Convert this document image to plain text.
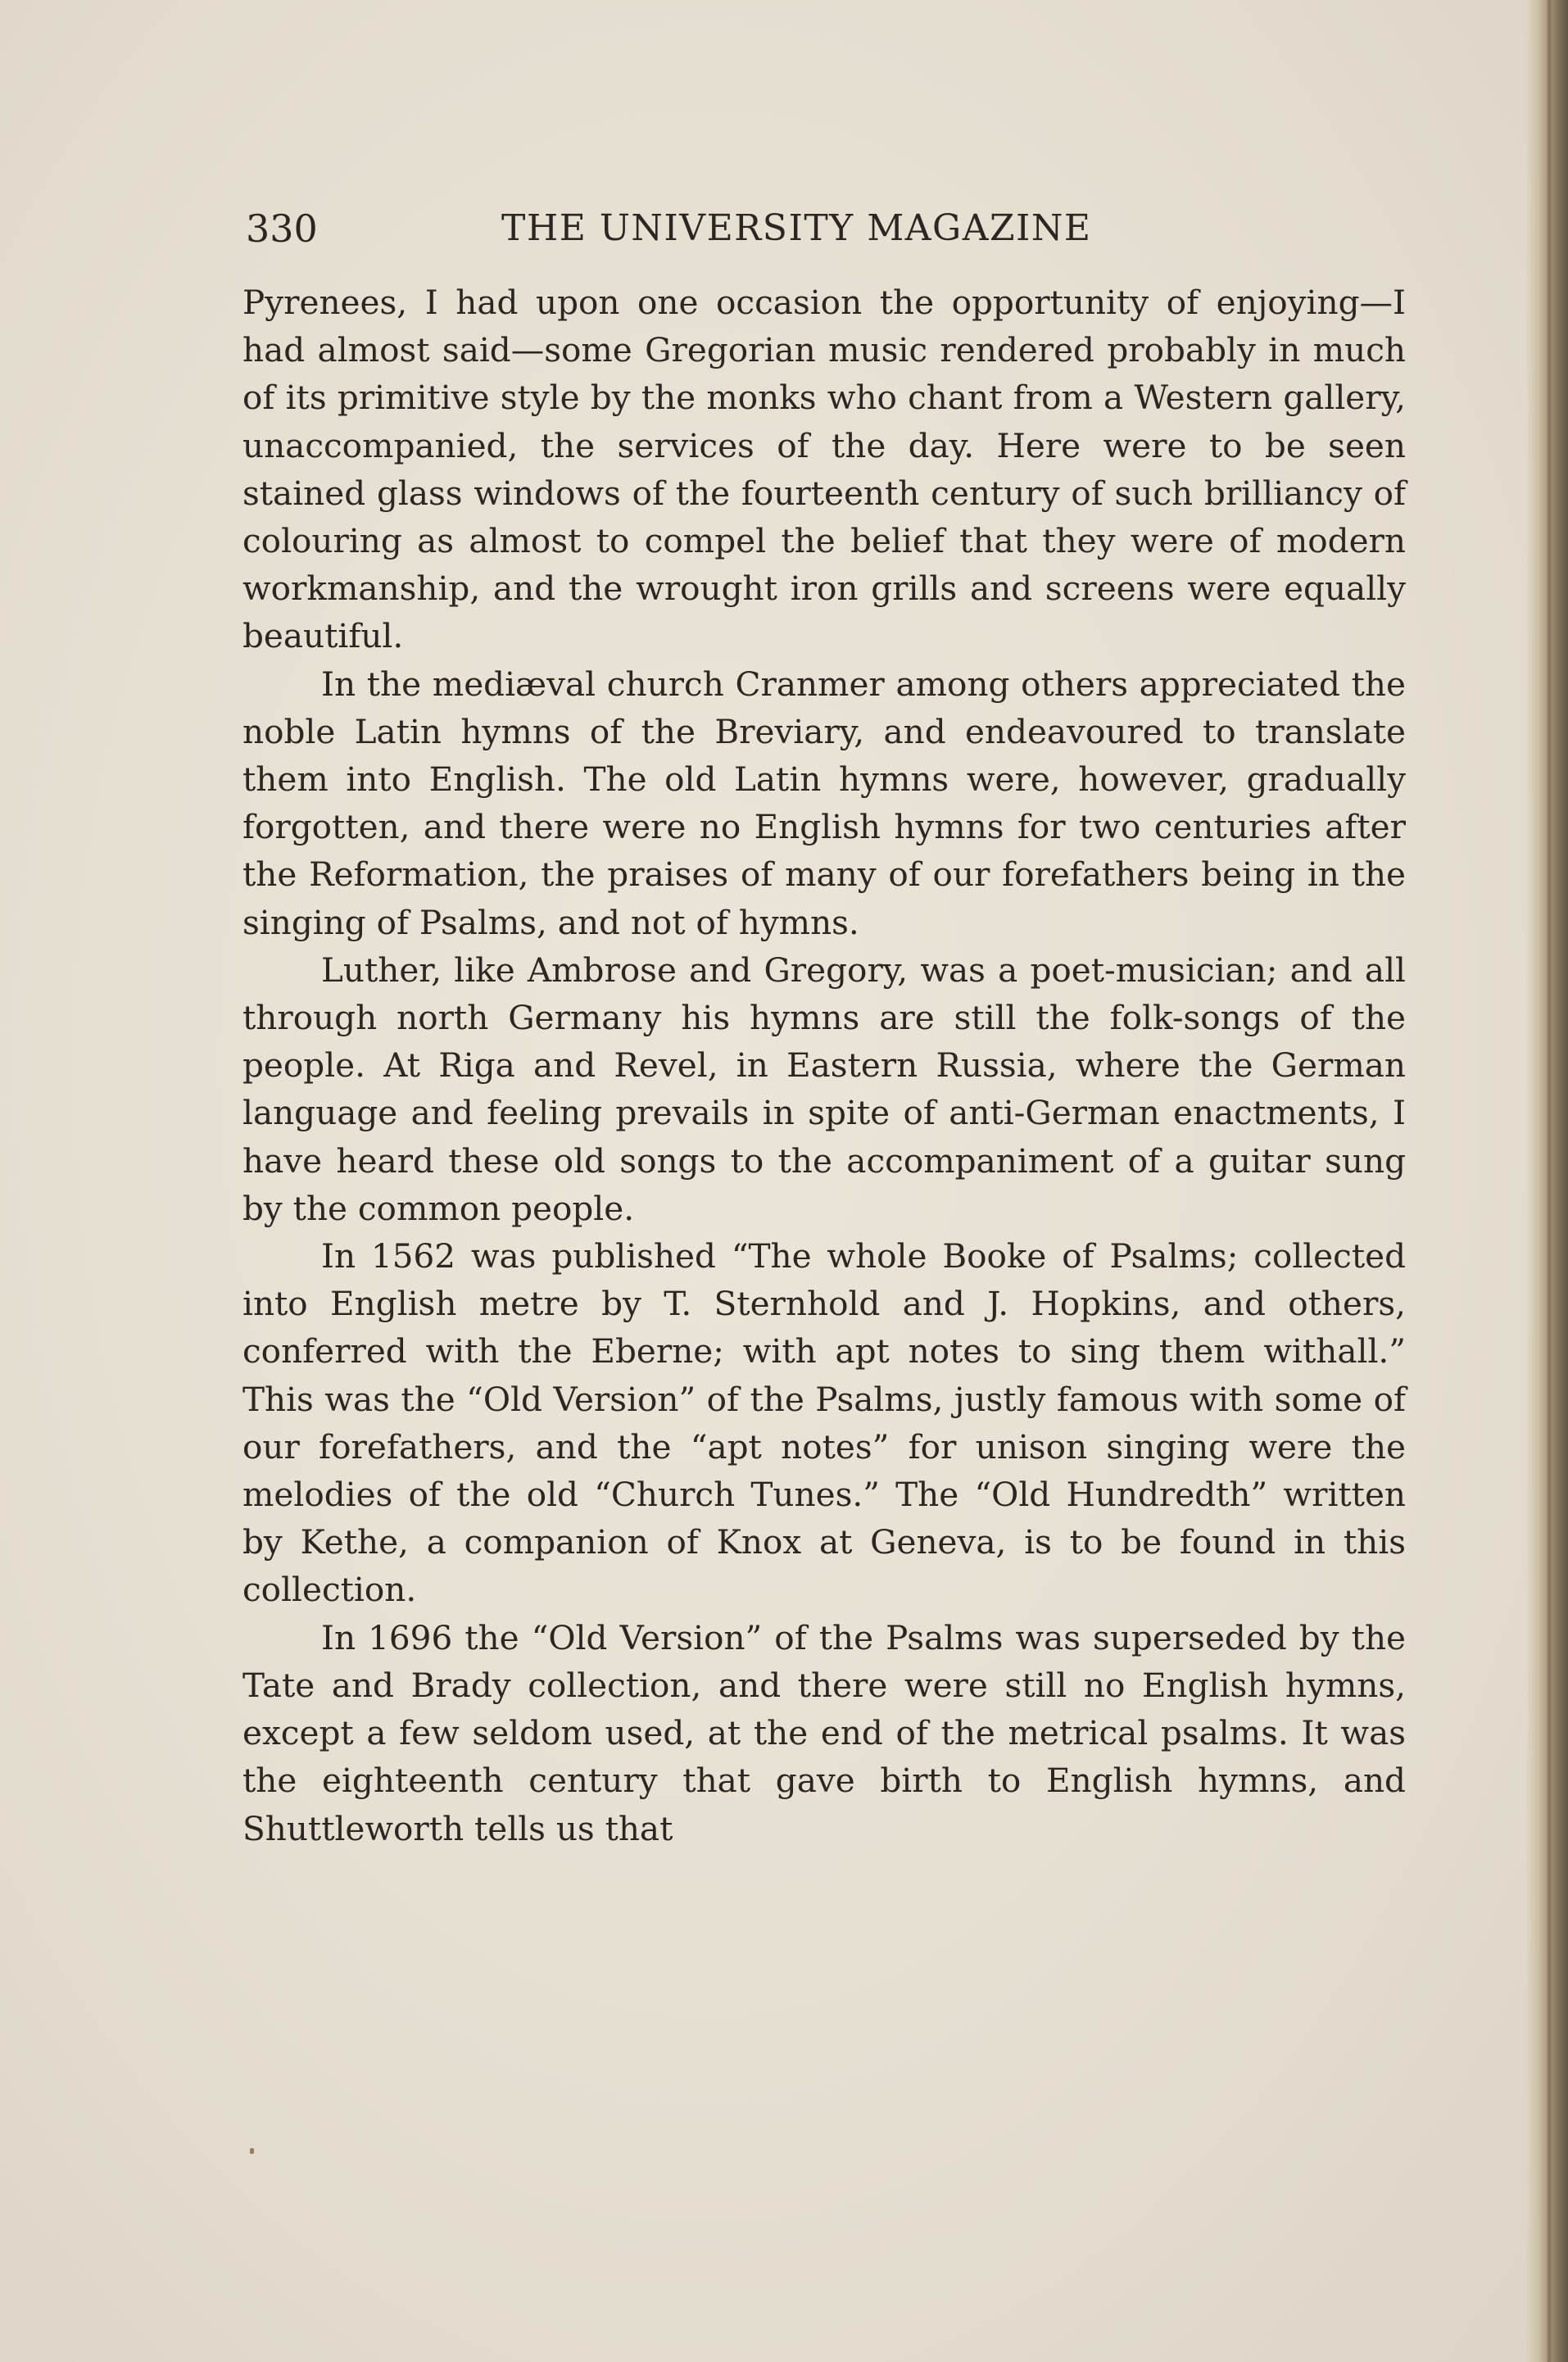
330	THE UNIVERSITY MAGAZINE

Pyrenees, I had upon one occasion the opportunity of enjoying—I had almost said—some Gregorian music rendered probably in much of its primitive style by the monks who chant from a Western gallery, unaccompanied, the services of the day. Here were to be seen stained glass windows of the fourteenth century of such brilliancy of colouring as almost to compel the belief that they were of modern workmanship, and the wrought iron grills and screens were equally beautiful.

In the mediæval church Cranmer among others appreciated the noble Latin hymns of the Breviary, and endeavoured to translate them into English. The old Latin hymns were, however, gradually forgotten, and there were no English hymns for two centuries after the Reformation, the praises of many of our forefathers being in the singing of Psalms, and not of hymns.

Luther, like Ambrose and Gregory, was a poet-musician; and all through north Germany his hymns are still the folk-songs of the people. At Riga and Revel, in Eastern Russia, where the German language and feeling prevails in spite of anti-German enactments, I have heard these old songs to the accompaniment of a guitar sung by the common people.

In 1562 was published “The whole Booke of Psalms; collected into English metre by T. Sternhold and J. Hopkins, and others, conferred with the Eberne; with apt notes to sing them withall.” This was the “Old Version” of the Psalms, justly famous with some of our forefathers, and the “apt notes” for unison singing were the melodies of the old “Church Tunes.” The “Old Hundredth” written by Kethe, a companion of Knox at Geneva, is to be found in this collection.

In 1696 the “Old Version” of the Psalms was superseded by the Tate and Brady collection, and there were still no English hymns, except a few seldom used, at the end of the metrical psalms. It was the eighteenth century that gave birth to English hymns, and Shuttleworth tells us that
